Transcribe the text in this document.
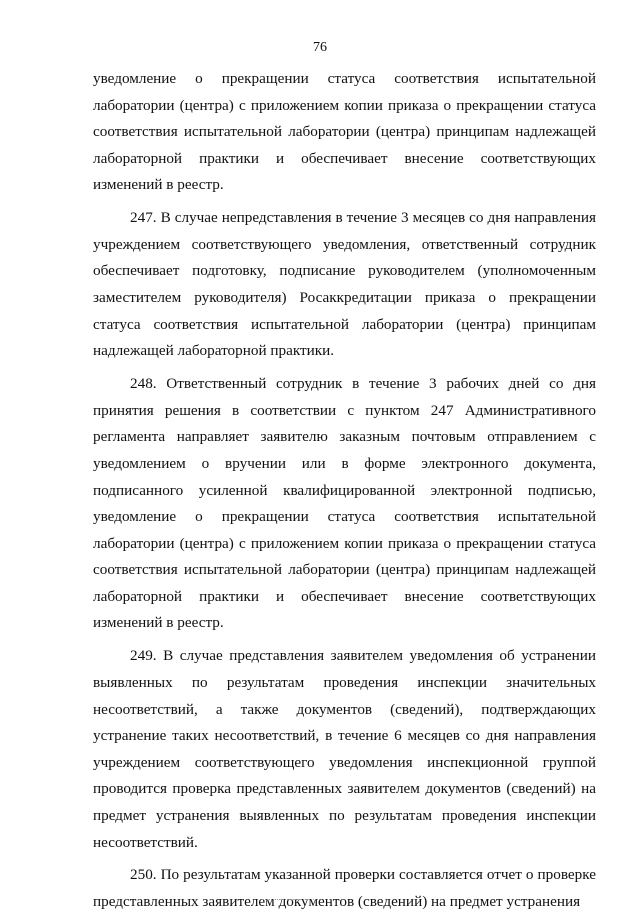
76

уведомление о прекращении статуса соответствия испытательной лаборатории (центра) с приложением копии приказа о прекращении статуса соответствия испытательной лаборатории (центра) принципам надлежащей лабораторной практики и обеспечивает внесение соответствующих изменений в реестр.

247. В случае непредставления в течение 3 месяцев со дня направления учреждением соответствующего уведомления, ответственный сотрудник обеспечивает подготовку, подписание руководителем (уполномоченным заместителем руководителя) Росаккредитации приказа о прекращении статуса соответствия испытательной лаборатории (центра) принципам надлежащей лабораторной практики.

248. Ответственный сотрудник в течение 3 рабочих дней со дня принятия решения в соответствии с пунктом 247 Административного регламента направляет заявителю заказным почтовым отправлением с уведомлением о вручении или в форме электронного документа, подписанного усиленной квалифицированной электронной подписью, уведомление о прекращении статуса соответствия испытательной лаборатории (центра) с приложением копии приказа о прекращении статуса соответствия испытательной лаборатории (центра) принципам надлежащей лабораторной практики и обеспечивает внесение соответствующих изменений в реестр.

249. В случае представления заявителем уведомления об устранении выявленных по результатам проведения инспекции значительных несоответствий, а также документов (сведений), подтверждающих устранение таких несоответствий, в течение 6 месяцев со дня направления учреждением соответствующего уведомления инспекционной группой проводится проверка представленных заявителем документов (сведений) на предмет устранения выявленных по результатам проведения инспекции несоответствий.

250. По результатам указанной проверки составляется отчет о проверке представленных заявителем документов (сведений) на предмет устранения
